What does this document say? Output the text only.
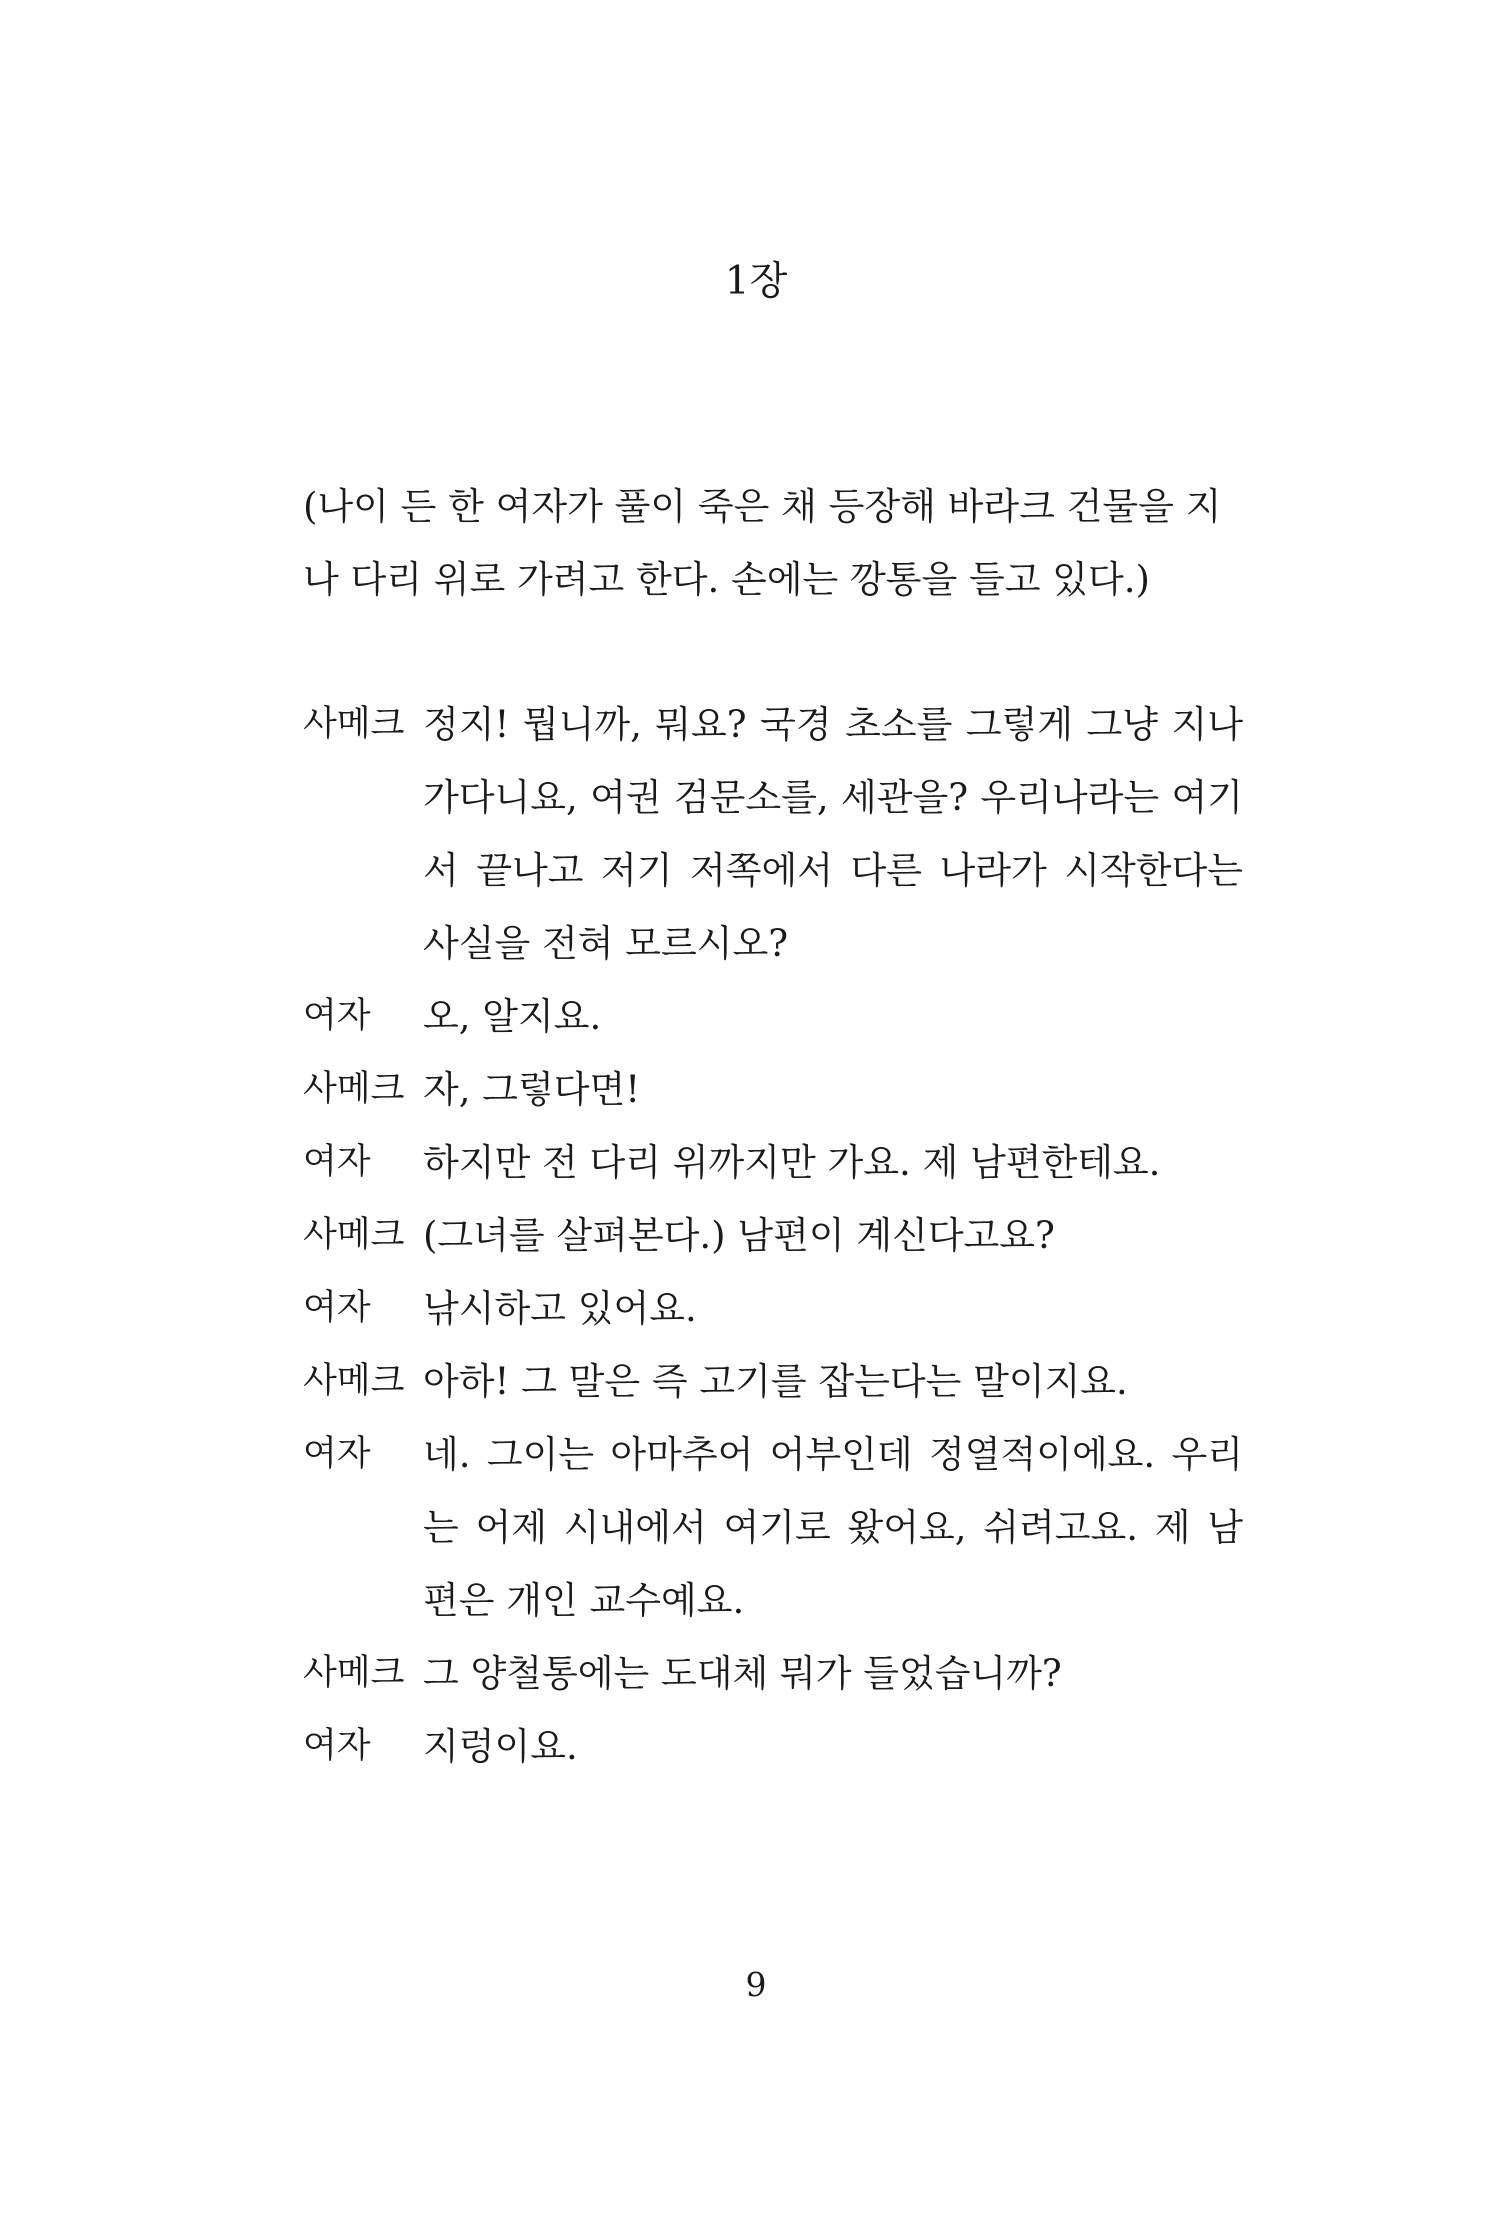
1장
(나이 든 한 여자가 풀이 죽은 채 등장해 바라크 건물을 지나 다리 위로 가려고 한다. 손에는 깡통을 들고 있다.)
사메크 정지! 뭡니까, 뭐요? 국경 초소를 그렇게 그냥 지나가다니요, 여권 검문소를, 세관을? 우리나라는 여기서 끝나고 저기 저쪽에서 다른 나라가 시작한다는 사실을 전혀 모르시오?
여자	오, 알지요.
사메크 자, 그렇다면!
여자	하지만 전 다리 위까지만 가요. 제 남편한테요.
사메크 (그녀를 살펴본다.) 남편이 계신다고요?
여자	낚시하고 있어요.
사메크 아하! 그 말은 즉 고기를 잡는다는 말이지요.
여자	네. 그이는 아마추어 어부인데 정열적이에요. 우리는 어제 시내에서 여기로 왔어요, 쉬려고요. 제 남편은 개인 교수예요.
사메크 그 양철통에는 도대체 뭐가 들었습니까?
여자	지렁이요.
9
